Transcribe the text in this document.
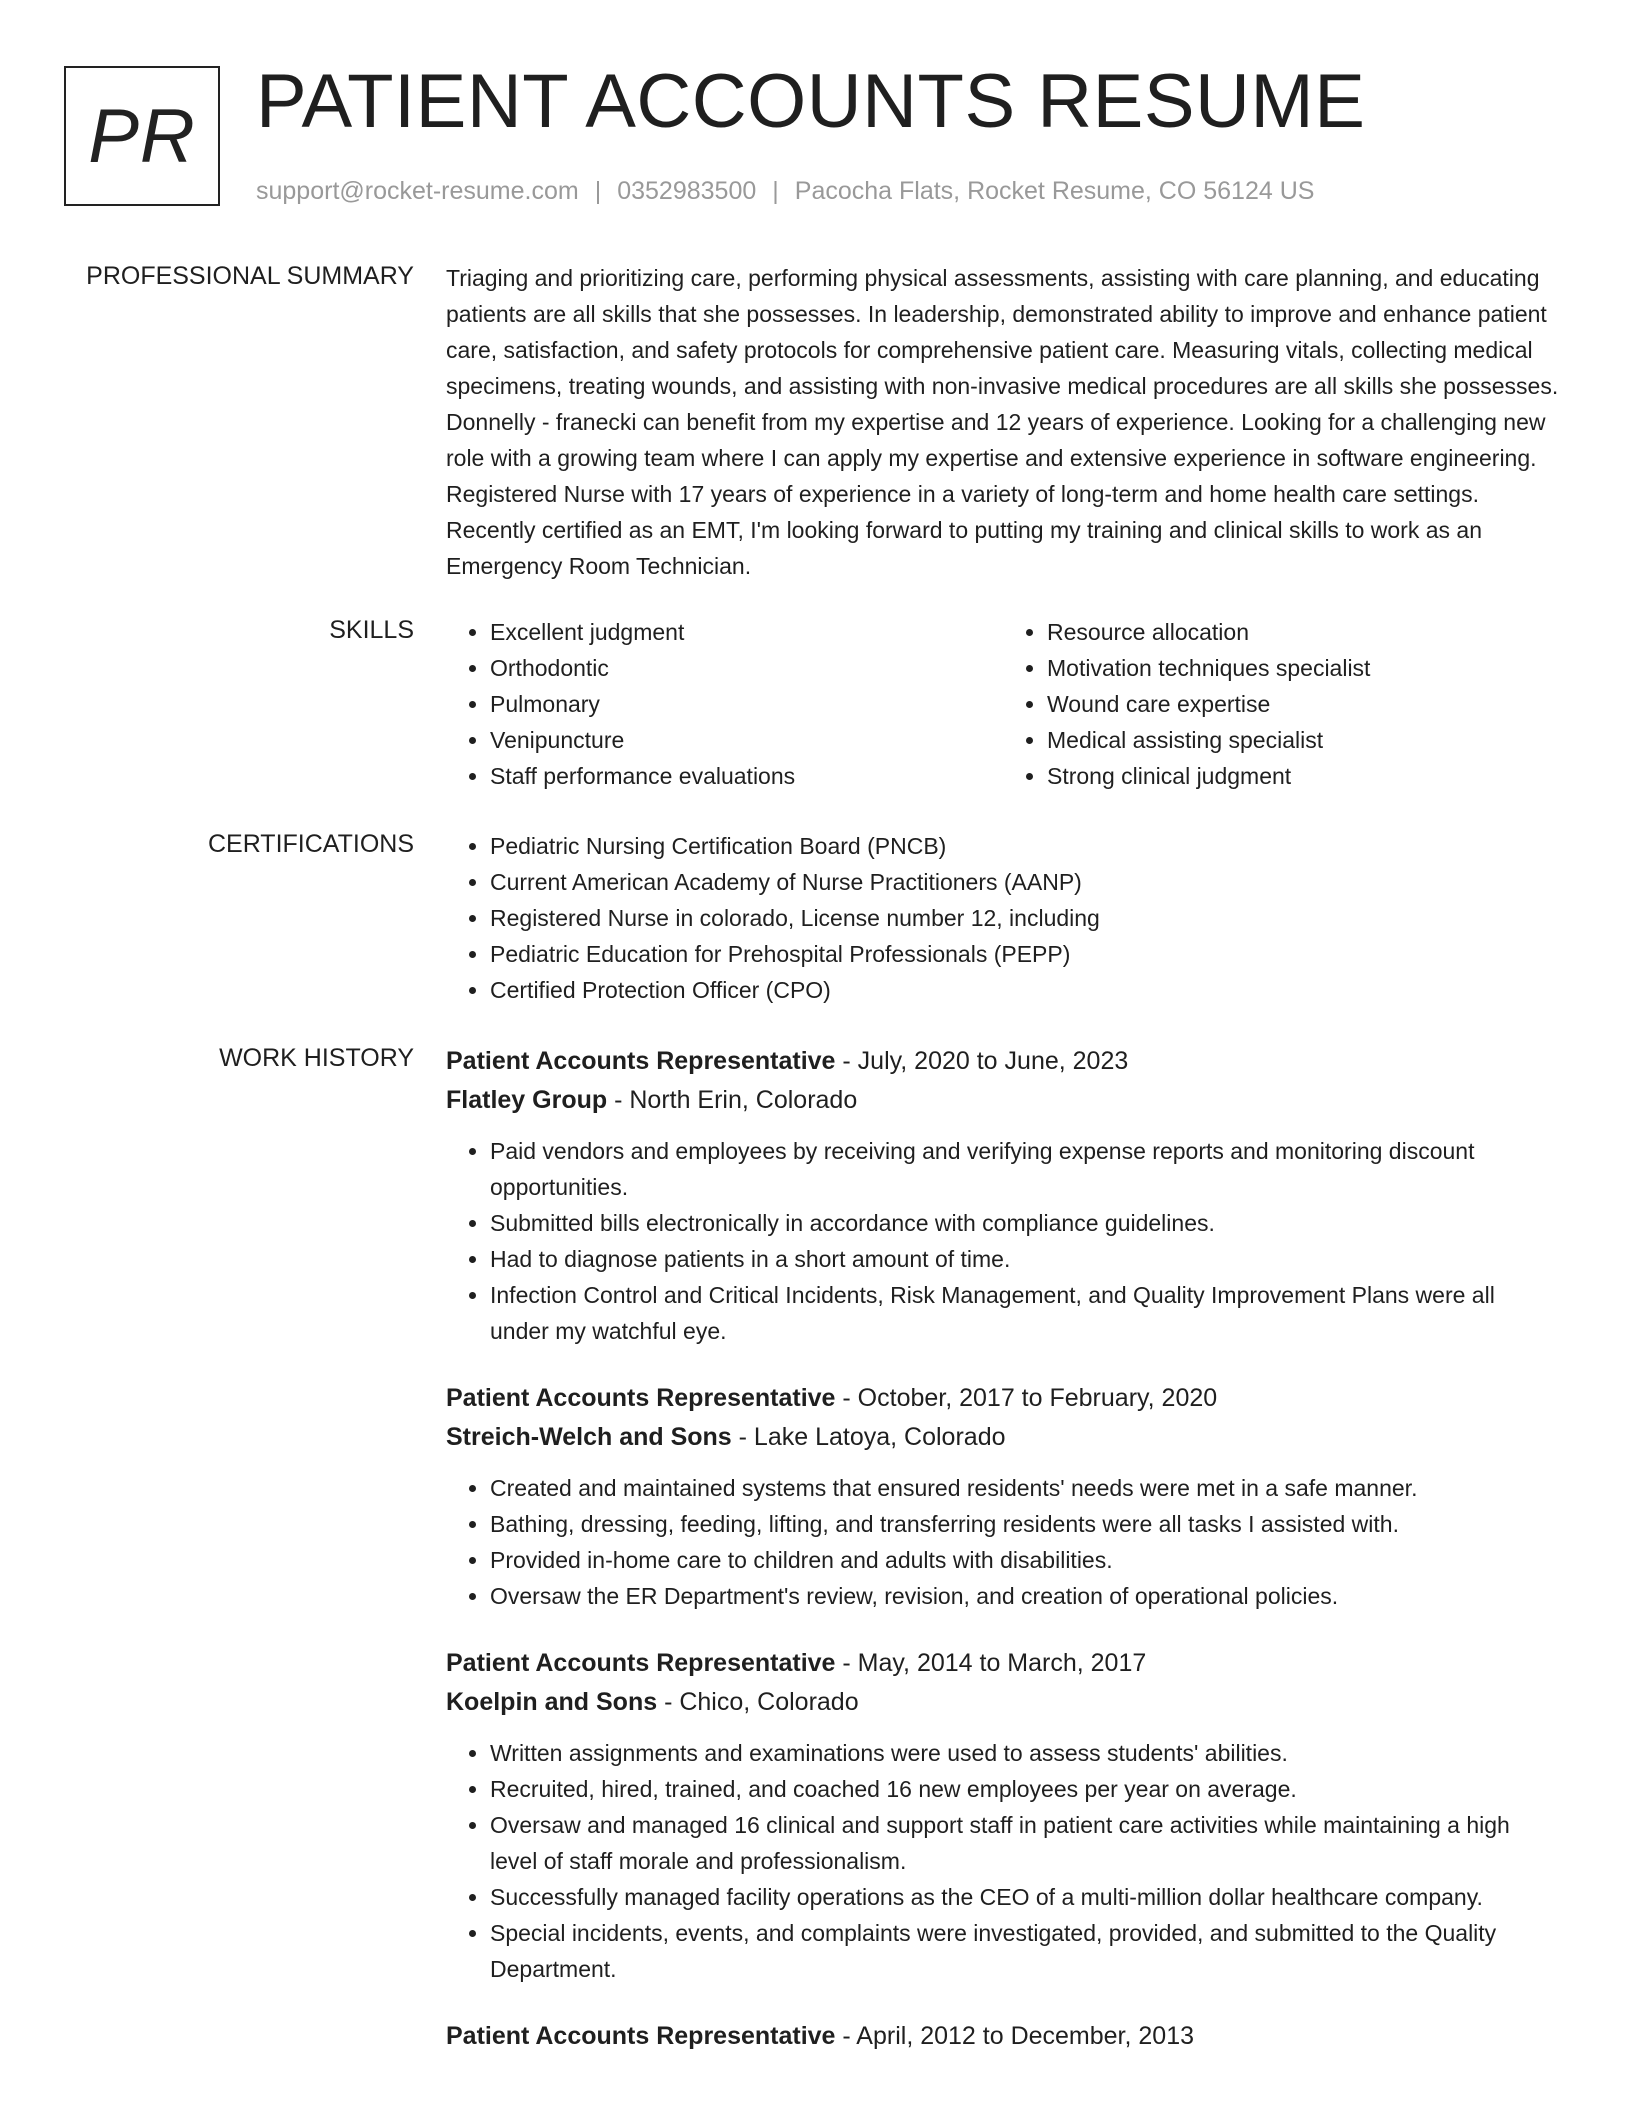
PR PATIENT ACCOUNTS RESUME
support@rocket-resume.com | 0352983500 | Pacocha Flats, Rocket Resume, CO 56124 US
PROFESSIONAL SUMMARY Triaging and prioritizing care, performing physical assessments, assisting with care planning, and educating patients are all skills that she possesses. In leadership, demonstrated ability to improve and enhance patient care, satisfaction, and safety protocols for comprehensive patient care. Measuring vitals, collecting medical specimens, treating wounds, and assisting with non-invasive medical procedures are all skills she possesses. Donnelly - franecki can benefit from my expertise and 12 years of experience. Looking for a challenging new role with a growing team where I can apply my expertise and extensive experience in software engineering. Registered Nurse with 17 years of experience in a variety of long-term and home health care settings. Recently certified as an EMT, I'm looking forward to putting my training and clinical skills to work as an Emergency Room Technician.

SKILLS	• Excellent judgment
• Orthodontic
• Pulmonary
• Venipuncture
• Staff performance evaluations
• Resource allocation
• Motivation techniques specialist
• Wound care expertise
• Medical assisting specialist
• Strong clinical judgment
CERTIFICATIONS	• Pediatric Nursing Certification Board (PNCB)
• Current American Academy of Nurse Practitioners (AANP)
• Registered Nurse in colorado, License number 12, including
• Pediatric Education for Prehospital Professionals (PEPP)
• Certified Protection Officer (CPO)
WORK HISTORY Patient Accounts Representative - July, 2020 to June, 2023
Flatley Group - North Erin, Colorado
• Paid vendors and employees by receiving and verifying expense reports and monitoring discount opportunities.
• Submitted bills electronically in accordance with compliance guidelines.
• Had to diagnose patients in a short amount of time.
• Infection Control and Critical Incidents, Risk Management, and Quality Improvement Plans were all under my watchful eye.
Patient Accounts Representative - October, 2017 to February, 2020
Streich-Welch and Sons - Lake Latoya, Colorado
• Created and maintained systems that ensured residents' needs were met in a safe manner.
• Bathing, dressing, feeding, lifting, and transferring residents were all tasks I assisted with.
• Provided in-home care to children and adults with disabilities.
• Oversaw the ER Department's review, revision, and creation of operational policies.
Patient Accounts Representative - May, 2014 to March, 2017
Koelpin and Sons - Chico, Colorado
• Written assignments and examinations were used to assess students' abilities.
• Recruited, hired, trained, and coached 16 new employees per year on average.
• Oversaw and managed 16 clinical and support staff in patient care activities while maintaining a high level of staff morale and professionalism.
• Successfully managed facility operations as the CEO of a multi-million dollar healthcare company.
• Special incidents, events, and complaints were investigated, provided, and submitted to the Quality Department.
Patient Accounts Representative - April, 2012 to December, 2013
